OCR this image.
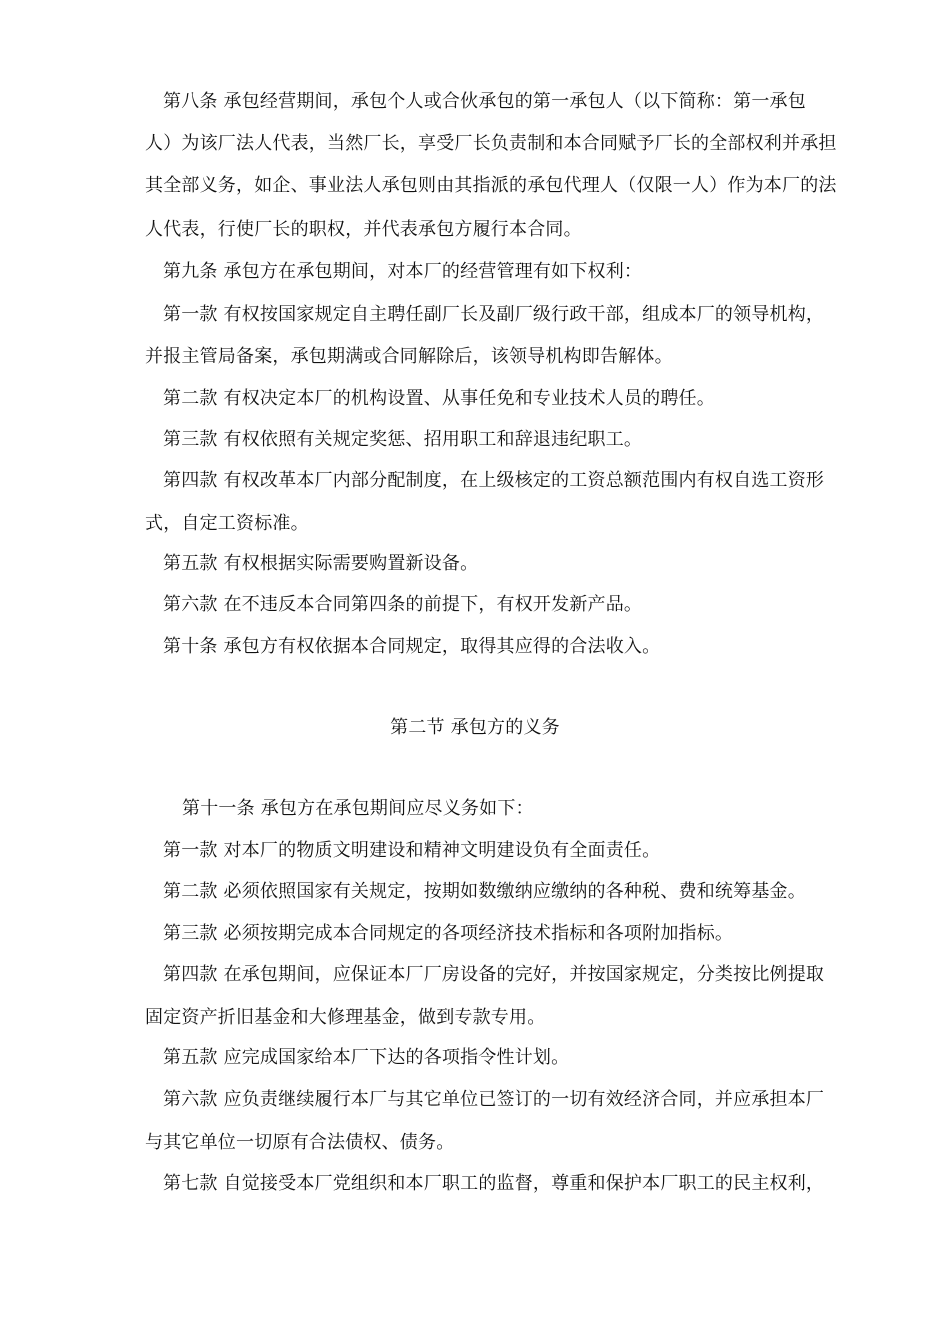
第八条 承包经营期间，承包个人或合伙承包的第一承包人（以下简称：第一承包
人）为该厂法人代表，当然厂长，享受厂长负责制和本合同赋予厂长的全部权利并承担
其全部义务，如企、事业法人承包则由其指派的承包代理人（仅限一人）作为本厂的法
人代表，行使厂长的职权，并代表承包方履行本合同。
第九条 承包方在承包期间，对本厂的经营管理有如下权利：
第一款 有权按国家规定自主聘任副厂长及副厂级行政干部，组成本厂的领导机构，
并报主管局备案，承包期满或合同解除后，该领导机构即告解体。
第二款 有权决定本厂的机构设置、从事任免和专业技术人员的聘任。
第三款 有权依照有关规定奖惩、招用职工和辞退违纪职工。
第四款 有权改革本厂内部分配制度，在上级核定的工资总额范围内有权自选工资形
式，自定工资标准。
第五款 有权根据实际需要购置新设备。
第六款 在不违反本合同第四条的前提下，有权开发新产品。
第十条 承包方有权依据本合同规定，取得其应得的合法收入。
第二节 承包方的义务
第十一条 承包方在承包期间应尽义务如下：
第一款 对本厂的物质文明建设和精神文明建设负有全面责任。
第二款 必须依照国家有关规定，按期如数缴纳应缴纳的各种税、费和统筹基金。
第三款 必须按期完成本合同规定的各项经济技术指标和各项附加指标。
第四款 在承包期间，应保证本厂厂房设备的完好，并按国家规定，分类按比例提取
固定资产折旧基金和大修理基金，做到专款专用。
第五款 应完成国家给本厂下达的各项指令性计划。
第六款 应负责继续履行本厂与其它单位已签订的一切有效经济合同，并应承担本厂
与其它单位一切原有合法债权、债务。
第七款 自觉接受本厂党组织和本厂职工的监督，尊重和保护本厂职工的民主权利，
